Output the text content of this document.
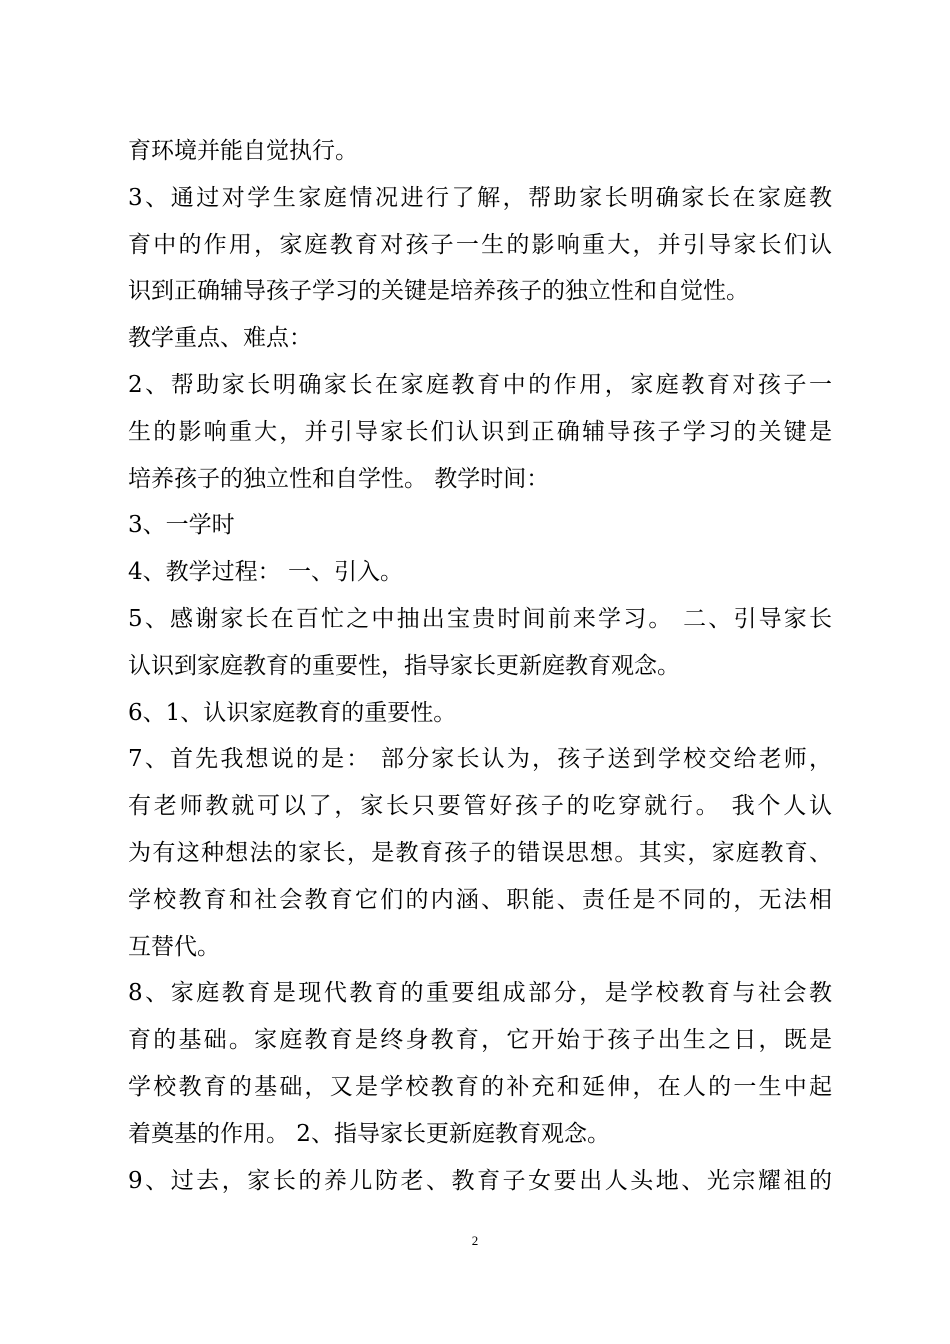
育环境并能自觉执行。
3、通过对学生家庭情况进行了解，帮助家长明确家长在家庭教
育中的作用，家庭教育对孩子一生的影响重大，并引导家长们认
识到正确辅导孩子学习的关键是培养孩子的独立性和自觉性。
教学重点、难点：
2、帮助家长明确家长在家庭教育中的作用，家庭教育对孩子一
生的影响重大，并引导家长们认识到正确辅导孩子学习的关键是
培养孩子的独立性和自学性。 教学时间：
3、一学时
4、教学过程： 一、引入。
5、感谢家长在百忙之中抽出宝贵时间前来学习。 二、引导家长
认识到家庭教育的重要性，指导家长更新庭教育观念。
6、1、认识家庭教育的重要性。
7、首先我想说的是： 部分家长认为，孩子送到学校交给老师，
有老师教就可以了，家长只要管好孩子的吃穿就行。 我个人认
为有这种想法的家长，是教育孩子的错误思想。其实，家庭教育、
学校教育和社会教育它们的内涵、职能、责任是不同的，无法相
互替代。
8、家庭教育是现代教育的重要组成部分，是学校教育与社会教
育的基础。家庭教育是终身教育，它开始于孩子出生之日，既是
学校教育的基础，又是学校教育的补充和延伸，在人的一生中起
着奠基的作用。 2、指导家长更新庭教育观念。
9、过去，家长的养儿防老、教育子女要出人头地、光宗耀祖的
2
